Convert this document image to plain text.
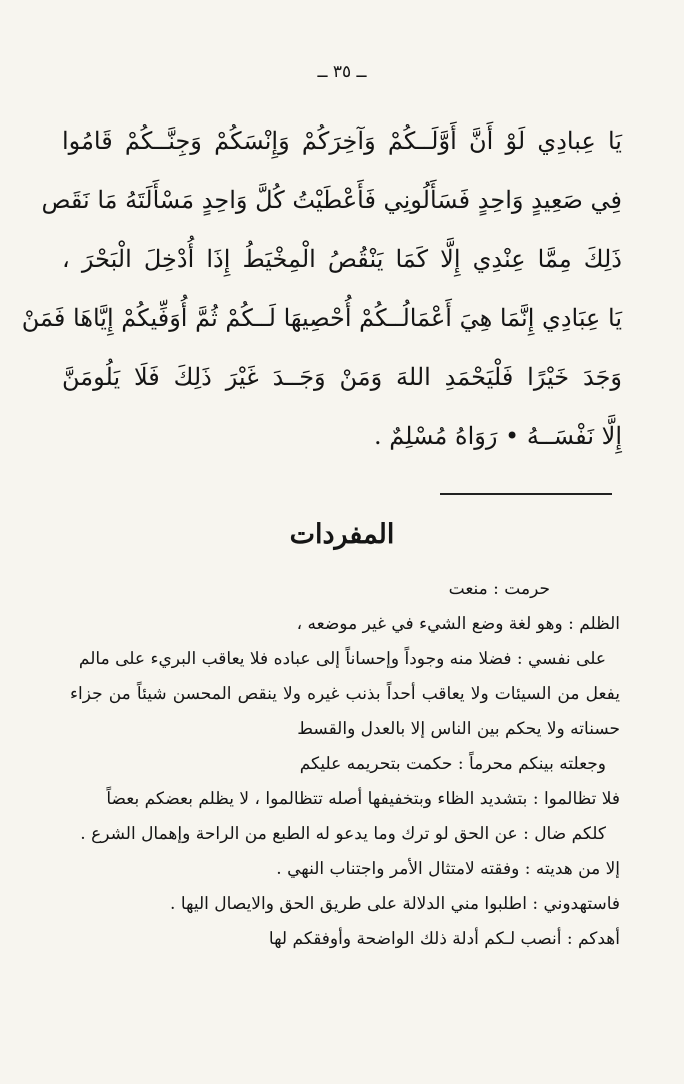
ــ ٣٥ ــ
يَا عِبادِي لَوْ أَنَّ أَوَّلَــكُمْ وَآخِرَكُمْ وَإِنْسَكُمْ وَجِنَّــكُمْ قَامُوا
فِي صَعِيدٍ وَاحِدٍ فَسَأَلُونِي فَأَعْطَيْتُ كُلَّ وَاحِدٍ مَسْأَلَتَهُ مَا نَقَص
ذَلِكَ مِمَّا عِنْدِي إِلَّا كَمَا يَنْقُصُ الْمِخْيَطُ إِذَا أُدْخِلَ الْبَحْرَ ،
يَا عِبَادِي إِنَّمَا هِيَ أَعْمَالُــكُمْ أُحْصِيهَا لَــكُمْ ثُمَّ أُوَفِّيكُمْ إِيَّاهَا فَمَنْ
وَجَدَ خَيْرًا فَلْيَحْمَدِ اللهَ وَمَنْ وَجَــدَ غَيْرَ ذَلِكَ فَلَا يَلُومَنَّ
إِلَّا نَفْسَــهُ • رَوَاهُ مُسْلِمٌ .
المفردات
حرمت : منعت
الظلم : وهو لغة وضع الشيء في غير موضعه ،
على نفسي : فضلا منه وجوداً وإحساناً إلى عباده فلا يعاقب البريء على مالم
يفعل من السيئات ولا يعاقب أحداً بذنب غيره ولا ينقص المحسن شيئاً من جزاء
حسناته ولا يحكم بين الناس إلا بالعدل والقسط
وجعلته بينكم محرماً : حكمت بتحريمه عليكم
فلا تظالموا : بتشديد الظاء وبتخفيفها أصله تتظالموا ، لا يظلم بعضكم بعضاً
كلكم ضال : عن الحق لو ترك وما يدعو له الطبع من الراحة وإهمال الشرع .
إلا من هديته : وفقته لامتثال الأمر واجتناب النهي .
فاستهدوني : اطلبوا مني الدلالة على طريق الحق والايصال اليها .
أهدكم : أنصب لـكم أدلة ذلك الواضحة وأوفقكم لها
